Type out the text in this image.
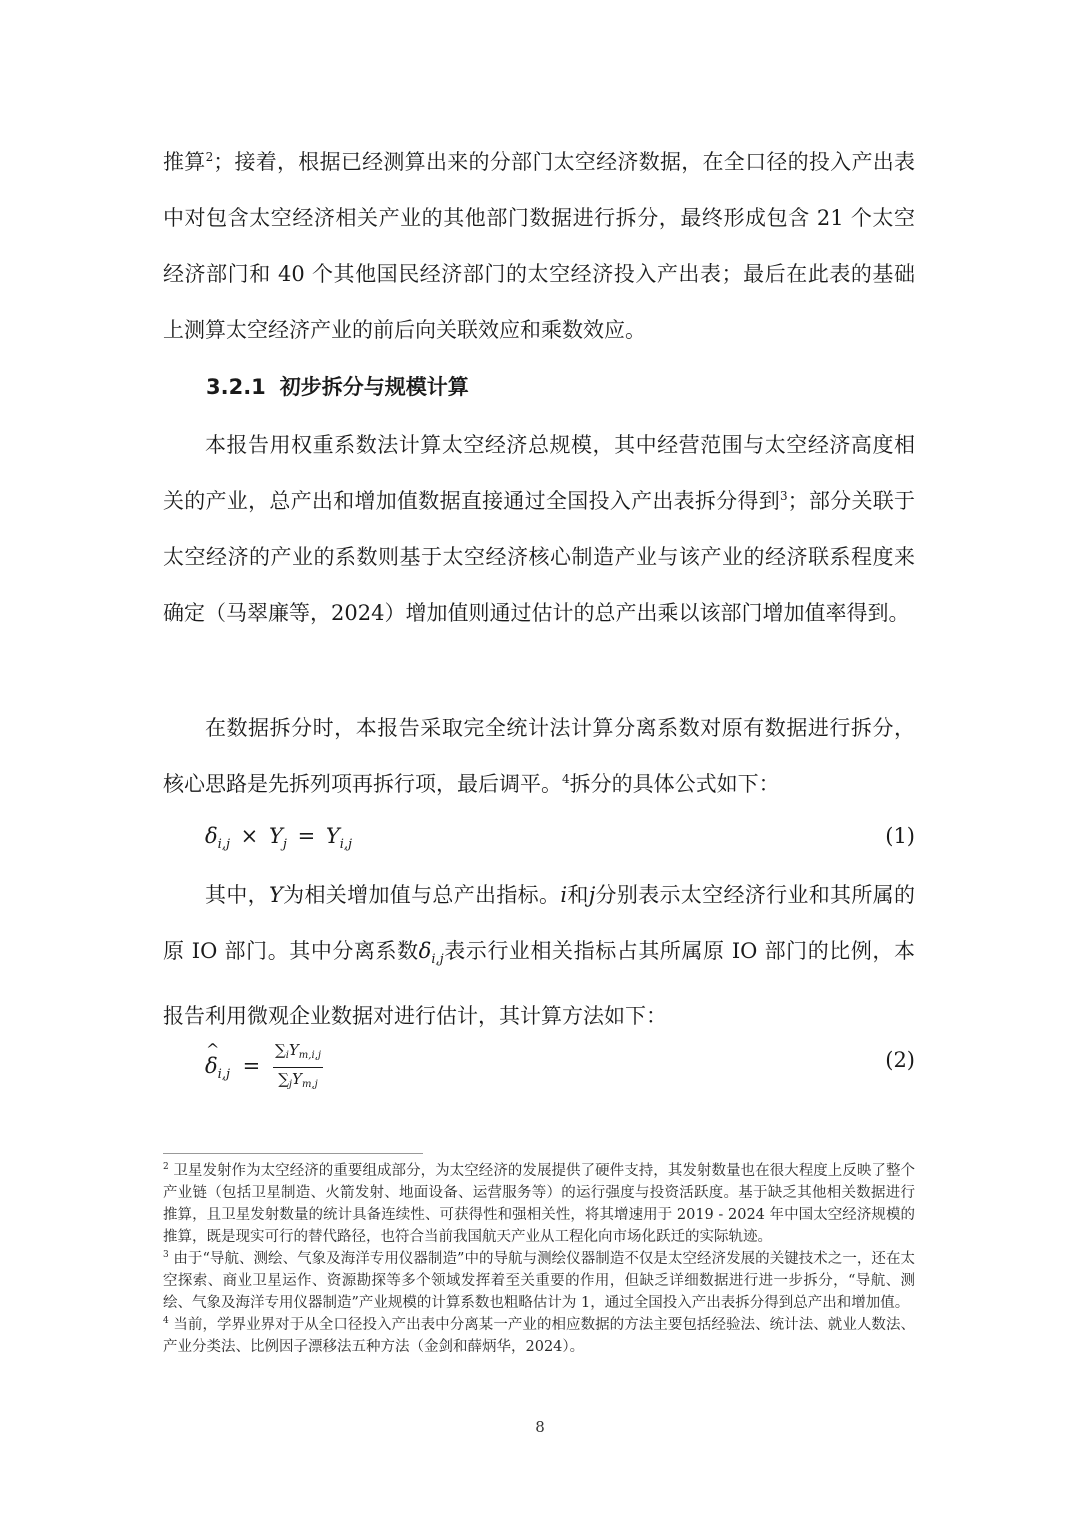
推算$^2$；接着，根据已经测算出来的分部门太空经济数据，在全口径的投入产出表中对包含太空经济相关产业的其他部门数据进行拆分，最终形成包含 21 个太空经济部门和 40 个其他国民经济部门的太空经济投入产出表；最后在此表的基础上测算太空经济产业的前后向关联效应和乘数效应。

3.2.1 初步拆分与规模计算

本报告用权重系数法计算太空经济总规模，其中经营范围与太空经济高度相关的产业，总产出和增加值数据直接通过全国投入产出表拆分得到$^3$；部分关联于太空经济的产业的系数则基于太空经济核心制造产业与该产业的经济联系程度来确定（马翠廉等，2024）增加值则通过估计的总产出乘以该部门增加值率得到。

在数据拆分时，本报告采取完全统计法计算分离系数对原有数据进行拆分，核心思路是先拆列项再拆行项，最后调平。$^4$拆分的具体公式如下：

$\delta_{i,j} \times Y_j = Y_{i,j}$	(1)

其中，Y为相关增加值与总产出指标。i和j分别表示太空经济行业和其所属的原 IO 部门。其中分离系数$\delta_{i,j}$表示行业相关指标占其所属原 IO 部门的比例，本报告利用微观企业数据对进行估计，其计算方法如下：

^
$\delta_{i,j} = \frac{\sum_iY_{m,i,j}}{\sum_jY_{m,j}}$	(2)

$^2$ 卫星发射作为太空经济的重要组成部分，为太空经济的发展提供了硬件支持，其发射数量也在很大程度上反映了整个产业链（包括卫星制造、火箭发射、地面设备、运营服务等）的运行强度与投资活跃度。基于缺乏其他相关数据进行推算，且卫星发射数量的统计具备连续性、可获得性和强相关性，将其增速用于 2019 - 2024 年中国太空经济规模的推算，既是现实可行的替代路径，也符合当前我国航天产业从工程化向市场化跃迁的实际轨迹。

$^3$ 由于“导航、测绘、气象及海洋专用仪器制造”中的导航与测绘仪器制造不仅是太空经济发展的关键技术之一，还在太空探索、商业卫星运作、资源勘探等多个领域发挥着至关重要的作用，但缺乏详细数据进行进一步拆分，“导航、测绘、气象及海洋专用仪器制造”产业规模的计算系数也粗略估计为 1，通过全国投入产出表拆分得到总产出和增加值。

$^4$ 当前，学界业界对于从全口径投入产出表中分离某一产业的相应数据的方法主要包括经验法、统计法、就业人数法、产业分类法、比例因子漂移法五种方法（金剑和薛炳华，2024）。

8
